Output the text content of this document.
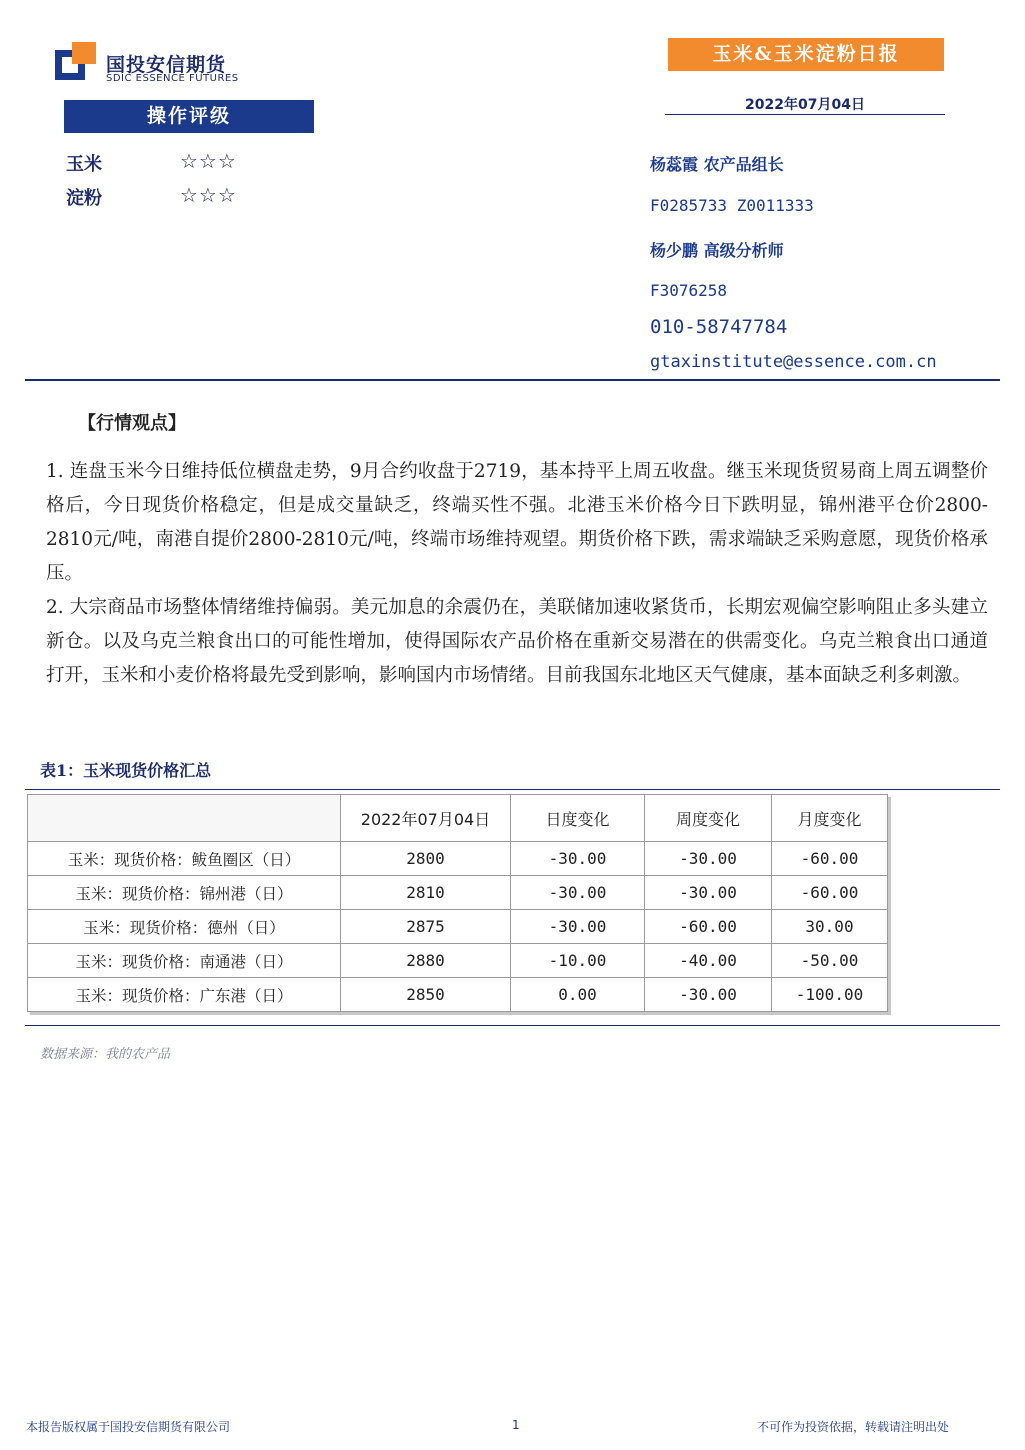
国投安信期货
SDIC ESSENCE FUTURES
玉米&玉米淀粉日报
2022年07月04日
操作评级
玉米	☆☆☆
淀粉	☆☆☆
杨蕊霞 农产品组长
F0285733 Z0011333
杨少鹏 高级分析师
F3076258
010-58747784
gtaxinstitute@essence.com.cn
【行情观点】

1. 连盘玉米今日维持低位横盘走势，9月合约收盘于2719，基本持平上周五收盘。继玉米现货贸易商上周五调整价格后，今日现货价格稳定，但是成交量缺乏，终端买性不强。北港玉米价格今日下跌明显，锦州港平仓价2800-2810元/吨，南港自提价2800-2810元/吨，终端市场维持观望。期货价格下跌，需求端缺乏采购意愿，现货价格承压。

2. 大宗商品市场整体情绪维持偏弱。美元加息的余震仍在，美联储加速收紧货币，长期宏观偏空影响阻止多头建立新仓。以及乌克兰粮食出口的可能性增加，使得国际农产品价格在重新交易潜在的供需变化。乌克兰粮食出口通道打开，玉米和小麦价格将最先受到影响，影响国内市场情绪。目前我国东北地区天气健康，基本面缺乏利多刺激。

表1：玉米现货价格汇总
	2022年07月04日	日度变化	周度变化	月度变化
玉米：现货价格：鲅鱼圈区（日）	2800	-30.00	-30.00	-60.00
玉米：现货价格：锦州港（日）	2810	-30.00	-30.00	-60.00
玉米：现货价格：德州（日）	2875	-30.00	-60.00	30.00
玉米：现货价格：南通港（日）	2880	-10.00	-40.00	-50.00
玉米：现货价格：广东港（日）	2850	0.00	-30.00	-100.00
数据来源：我的农产品
本报告版权属于国投安信期货有限公司	1	不可作为投资依据，转载请注明出处
